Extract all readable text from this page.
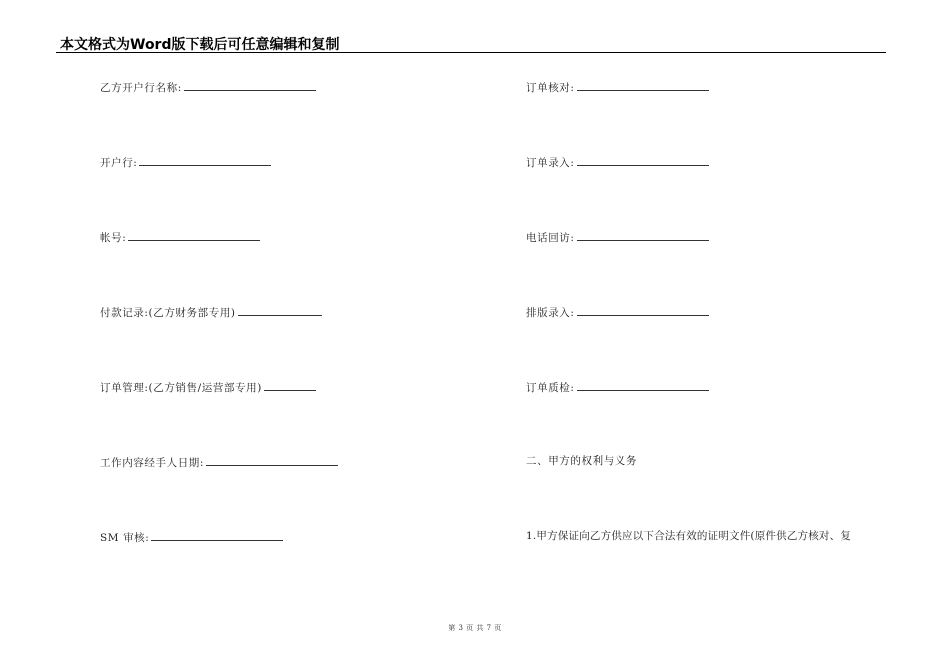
本文格式为Word版下载后可任意编辑和复制
乙方开户行名称:
开户行:
帐号:
付款记录:(乙方财务部专用)
订单管理:(乙方销售/运营部专用)
工作内容经手人日期:
SM 审核:
订单核对:
订单录入:
电话回访:
排版录入:
订单质检:
二、甲方的权利与义务
1.甲方保证向乙方供应以下合法有效的证明文件(原件供乙方核对、复
第 3 页 共 7 页
